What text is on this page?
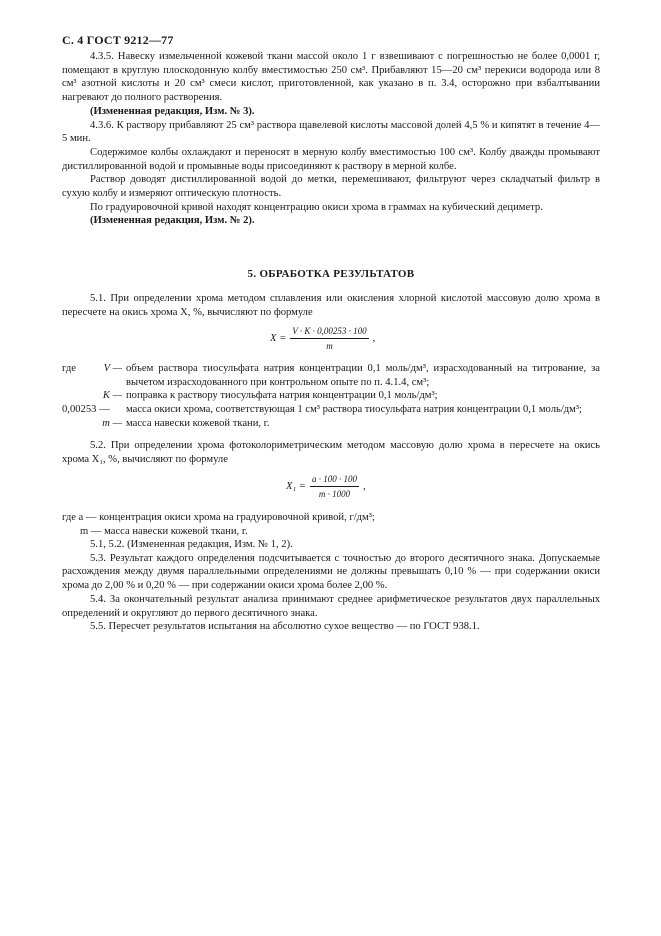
С. 4 ГОСТ 9212—77

4.3.5. Навеску измельченной кожевой ткани массой около 1 г взвешивают с погрешностью не более 0,0001 г, помещают в круглую плоскодонную колбу вместимостью 250 см³. Прибавляют 15—20 см³ перекиси водорода или 8 см³ азотной кислоты и 20 см³ смеси кислот, приготовленной, как указано в п. 3.4, осторожно при взбалтывании нагревают до полного растворения.

(Измененная редакция, Изм. № 3).

4.3.6. К раствору прибавляют 25 см³ раствора щавелевой кислоты массовой долей 4,5 % и кипятят в течение 4—5 мин.

Содержимое колбы охлаждают и переносят в мерную колбу вместимостью 100 см³. Колбу дважды промывают дистиллированной водой и промывные воды присоединяют к раствору в мерной колбе.

Раствор доводят дистиллированной водой до метки, перемешивают, фильтруют через складчатый фильтр в сухую колбу и измеряют оптическую плотность.

По градуировочной кривой находят концентрацию окиси хрома в граммах на кубический дециметр.

(Измененная редакция, Изм. № 2).

5. ОБРАБОТКА РЕЗУЛЬТАТОВ

5.1. При определении хрома методом сплавления или окисления хлорной кислотой массовую долю хрома в пересчете на окись хрома X, %, вычисляют по формуле

$X = \frac{V \cdot K \cdot 0,00253 \cdot 100}{m}$ ,
где	V — объем раствора тиосульфата натрия концентрации 0,1 моль/дм³, израсходованный на титрование, за вычетом израсходованного при контрольном опыте по п. 4.1.4, см³;
K — поправка к раствору тиосульфата натрия концентрации 0,1 моль/дм³;
0,00253 —	масса окиси хрома, соответствующая 1 см³ раствора тиосульфата натрия концентрации 0,1 моль/дм³;
m — масса навески кожевой ткани, г.

5.2. При определении хрома фотоколориметрическим методом массовую долю хрома в пересчете на окись хрома X₁, %, вычисляют по формуле

$X_1 = \frac{a \cdot 100 \cdot 100}{m \cdot 1000}$ ,
где a — концентрация окиси хрома на градуировочной кривой, г/дм³;
m — масса навески кожевой ткани, г.

5.1, 5.2. (Измененная редакция, Изм. № 1, 2).

5.3. Результат каждого определения подсчитывается с точностью до второго десятичного знака. Допускаемые расхождения между двумя параллельными определениями не должны превышать 0,10 % — при содержании окиси хрома до 2,00 % и 0,20 % — при содержании окиси хрома более 2,00 %.

5.4. За окончательный результат анализа принимают среднее арифметическое результатов двух параллельных определений и округляют до первого десятичного знака.

5.5. Пересчет результатов испытания на абсолютно сухое вещество — по ГОСТ 938.1.
